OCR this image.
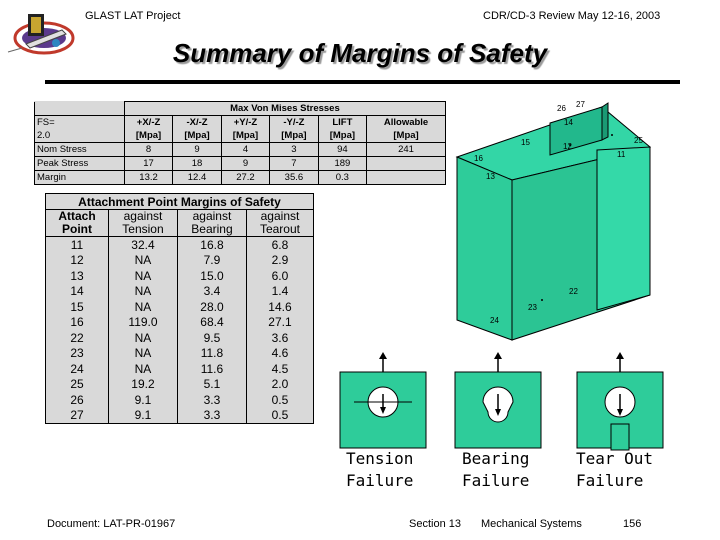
GLAST LAT Project	CDR/CD-3 Review May 12-16, 2003
Summary of Margins of Safety
	Max Von Mises Stresses					
FS=	+X/-Z	-X/-Z	+Y/-Z	-Y/-Z	LIFT	Allowable
2.0	[Mpa]	[Mpa]	[Mpa]	[Mpa]	[Mpa]	[Mpa]
Nom Stress	8	9	4	3	94	241
Peak Stress	17	18	9	7	189	
Margin	13.2	12.4	27.2	35.6	0.3	
Attachment Point Margins of Safety			
Attach	against	against	against
Point	Tension	Bearing	Tearout
11	32.4	16.8	6.8
12	NA	7.9	2.9
13	NA	15.0	6.0
14	NA	3.4	1.4
15	NA	28.0	14.6
16	119.0	68.4	27.1
22	NA	9.5	3.6
23	NA	11.8	4.6
24	NA	11.6	4.5
25	19.2	5.1	2.0
26	9.1	3.3	0.5
27	9.1	3.3	0.5
26 27
14
15	12
25
11
16
13
22
23
24
Tension
Failure
Bearing
Failure
Tear Out
Failure
Document: LAT-PR-01967	Section 13 Mechanical Systems	156
